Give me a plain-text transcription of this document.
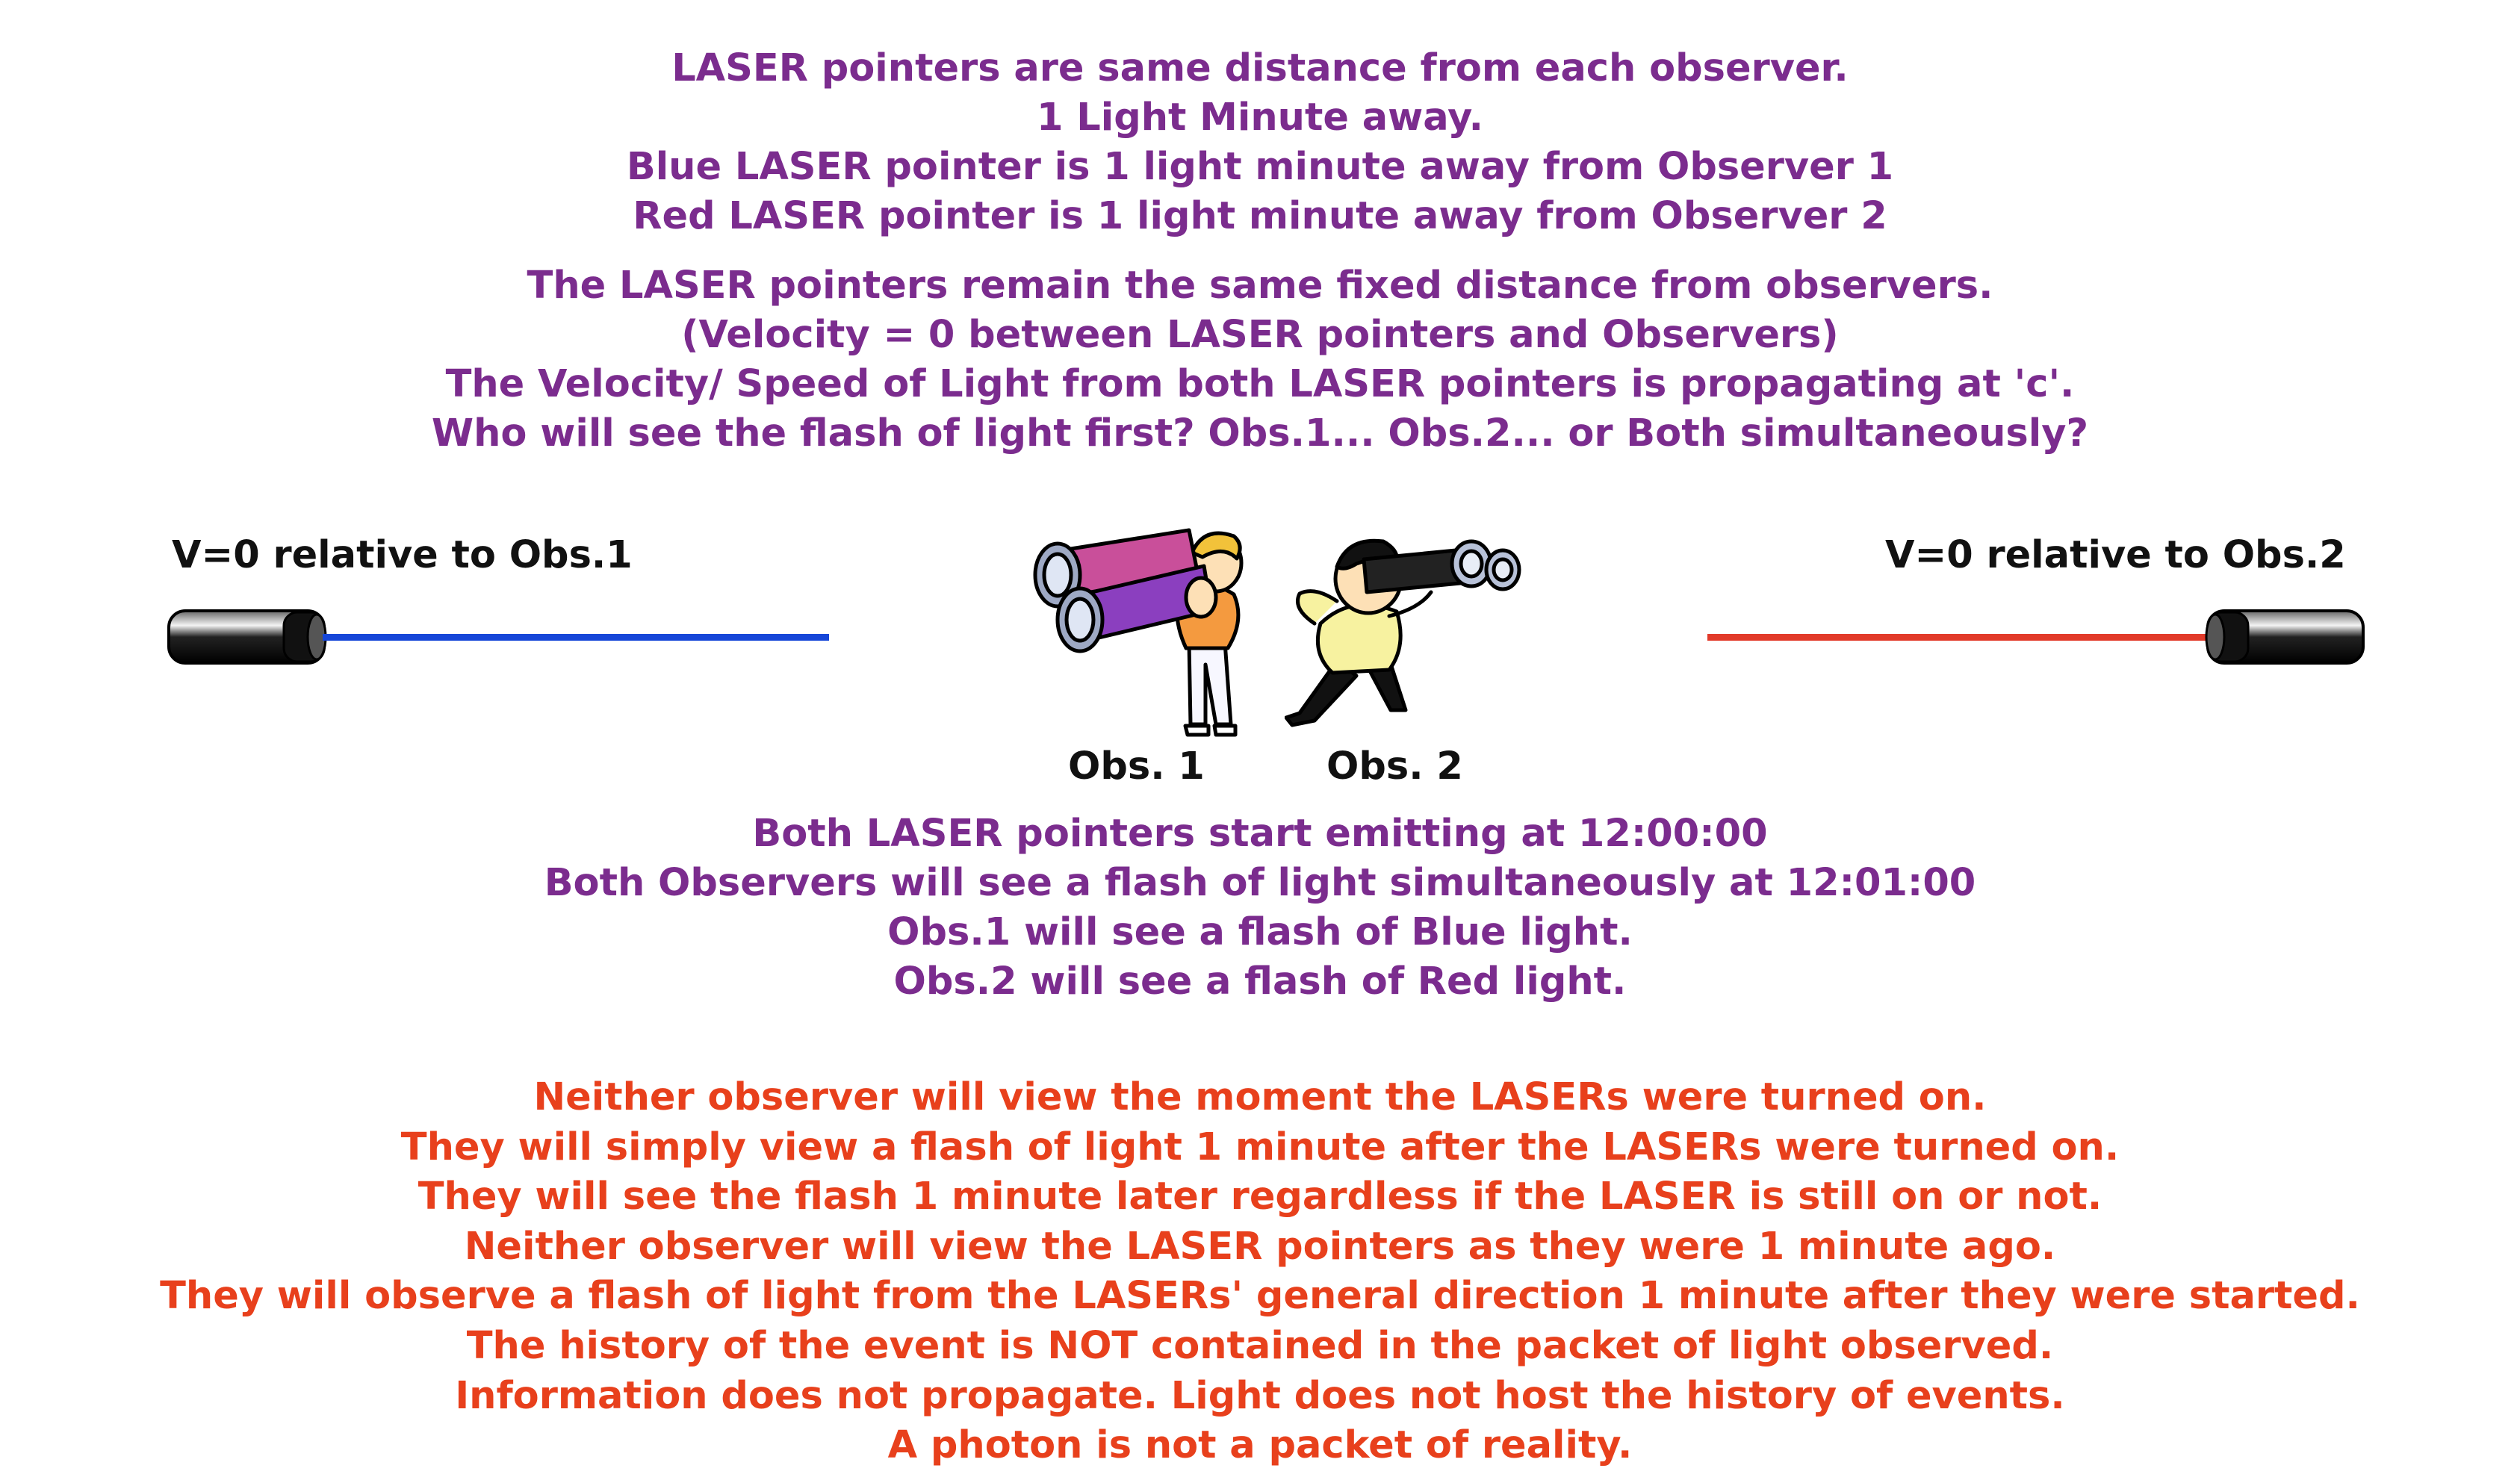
LASER pointers are same distance from each observer.
1 Light Minute away.
Blue LASER pointer is 1 light minute away from Observer 1
Red LASER pointer is 1 light minute away from Observer 2
The LASER pointers remain the same fixed distance from observers.
(Velocity = 0 between LASER pointers and Observers)
The Velocity/ Speed of Light from both LASER pointers is propagating at 'c'.
Who will see the flash of light first? Obs.1... Obs.2... or Both simultaneously?
V=0 relative to Obs.1	V=0 relative to Obs.2
Obs. 1	Obs. 2
Both LASER pointers start emitting at 12:00:00
Both Observers will see a flash of light simultaneously at 12:01:00
Obs.1 will see a flash of Blue light.
Obs.2 will see a flash of Red light.
Neither observer will view the moment the LASERs were turned on.
They will simply view a flash of light 1 minute after the LASERs were turned on.
They will see the flash 1 minute later regardless if the LASER is still on or not.
Neither observer will view the LASER pointers as they were 1 minute ago.
They will observe a flash of light from the LASERs' general direction 1 minute after they were started.
The history of the event is NOT contained in the packet of light observed.
Information does not propagate. Light does not host the history of events.
A photon is not a packet of reality.
